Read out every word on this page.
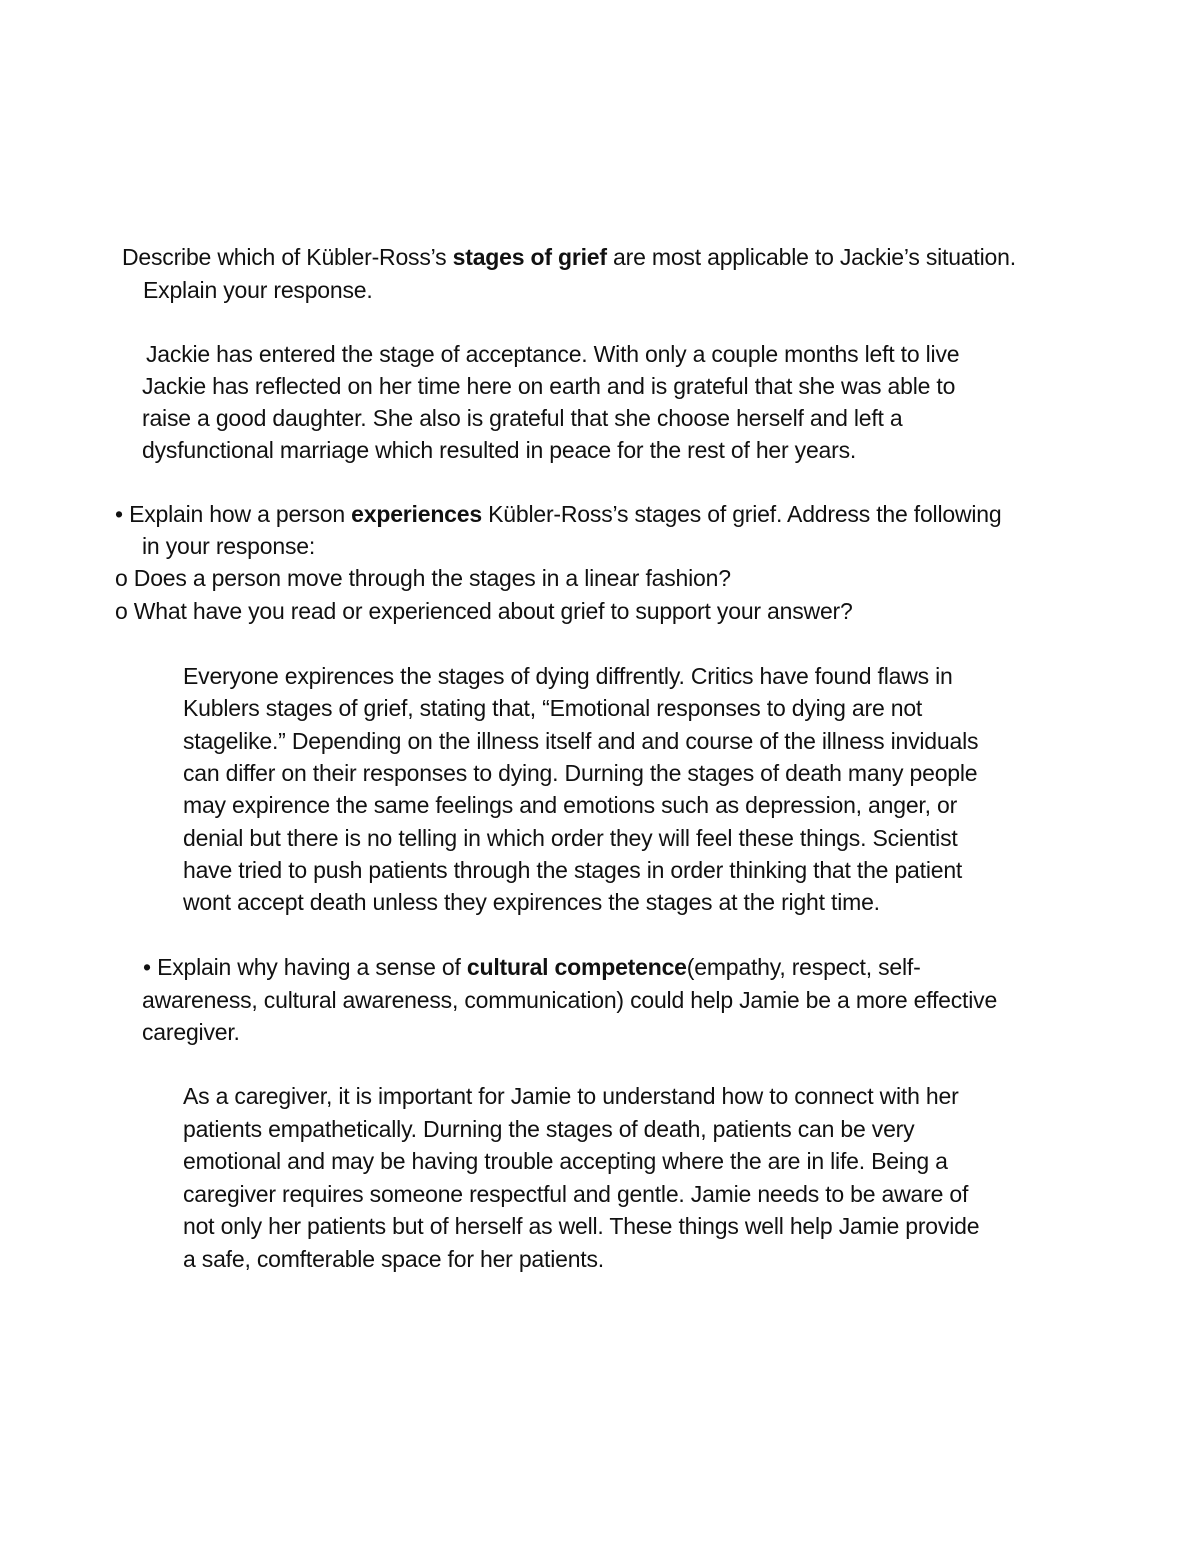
Describe which of Kübler-Ross’s stages of grief are most applicable to Jackie’s situation.
Explain your response.
Jackie has entered the stage of acceptance. With only a couple months left to live
Jackie has reflected on her time here on earth and is grateful that she was able to
raise a good daughter. She also is grateful that she choose herself and left a
dysfunctional marriage which resulted in peace for the rest of her years.
• Explain how a person experiences Kübler-Ross’s stages of grief. Address the following
in your response:
o Does a person move through the stages in a linear fashion?
o What have you read or experienced about grief to support your answer?
Everyone expirences the stages of dying diffrently. Critics have found flaws in
Kublers stages of grief, stating that, “Emotional responses to dying are not
stagelike.” Depending on the illness itself and and course of the illness inviduals
can differ on their responses to dying. Durning the stages of death many people
may expirence the same feelings and emotions such as depression, anger, or
denial but there is no telling in which order they will feel these things. Scientist
have tried to push patients through the stages in order thinking that the patient
wont accept death unless they expirences the stages at the right time.
• Explain why having a sense of cultural competence(empathy, respect, self-
awareness, cultural awareness, communication) could help Jamie be a more effective
caregiver.
As a caregiver, it is important for Jamie to understand how to connect with her
patients empathetically. Durning the stages of death, patients can be very
emotional and may be having trouble accepting where the are in life. Being a
caregiver requires someone respectful and gentle. Jamie needs to be aware of
not only her patients but of herself as well. These things well help Jamie provide
a safe, comfterable space for her patients.
